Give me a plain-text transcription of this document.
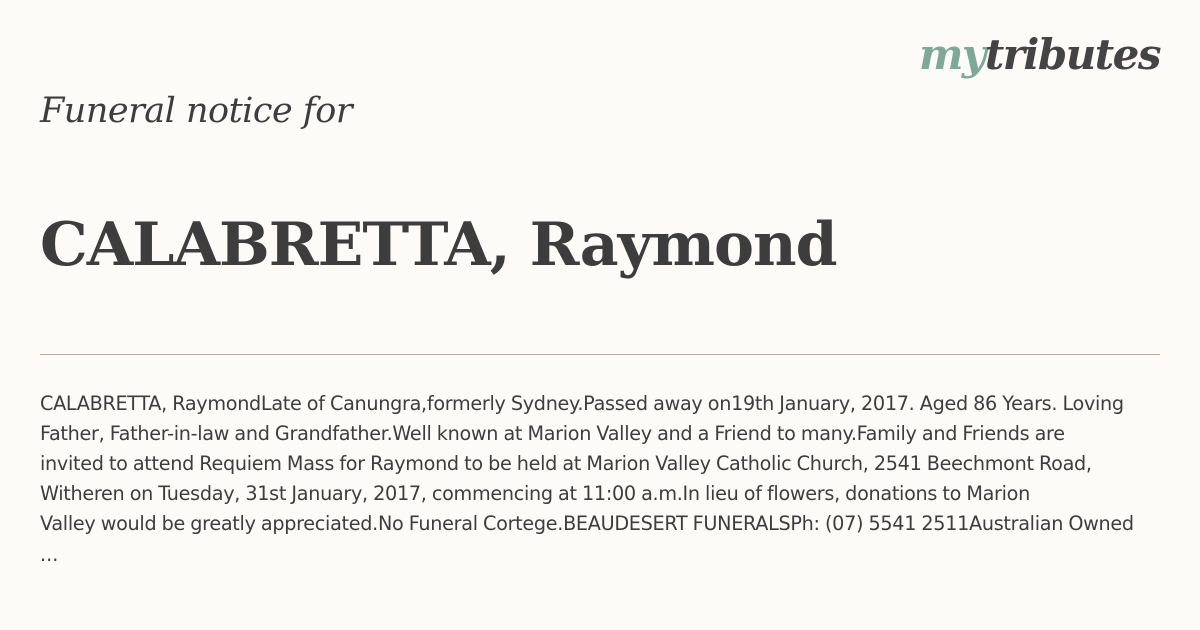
mytributes
Funeral notice for
CALABRETTA, Raymond

CALABRETTA, RaymondLate of Canungra,formerly Sydney.Passed away on19th January, 2017. Aged 86 Years. Loving
Father, Father-in-law and Grandfather.Well known at Marion Valley and a Friend to many.Family and Friends are
invited to attend Requiem Mass for Raymond to be held at Marion Valley Catholic Church, 2541 Beechmont Road,
Witheren on Tuesday, 31st January, 2017, commencing at 11:00 a.m.In lieu of flowers, donations to Marion
Valley would be greatly appreciated.No Funeral Cortege.BEAUDESERT FUNERALSPh: (07) 5541 2511Australian Owned

...
